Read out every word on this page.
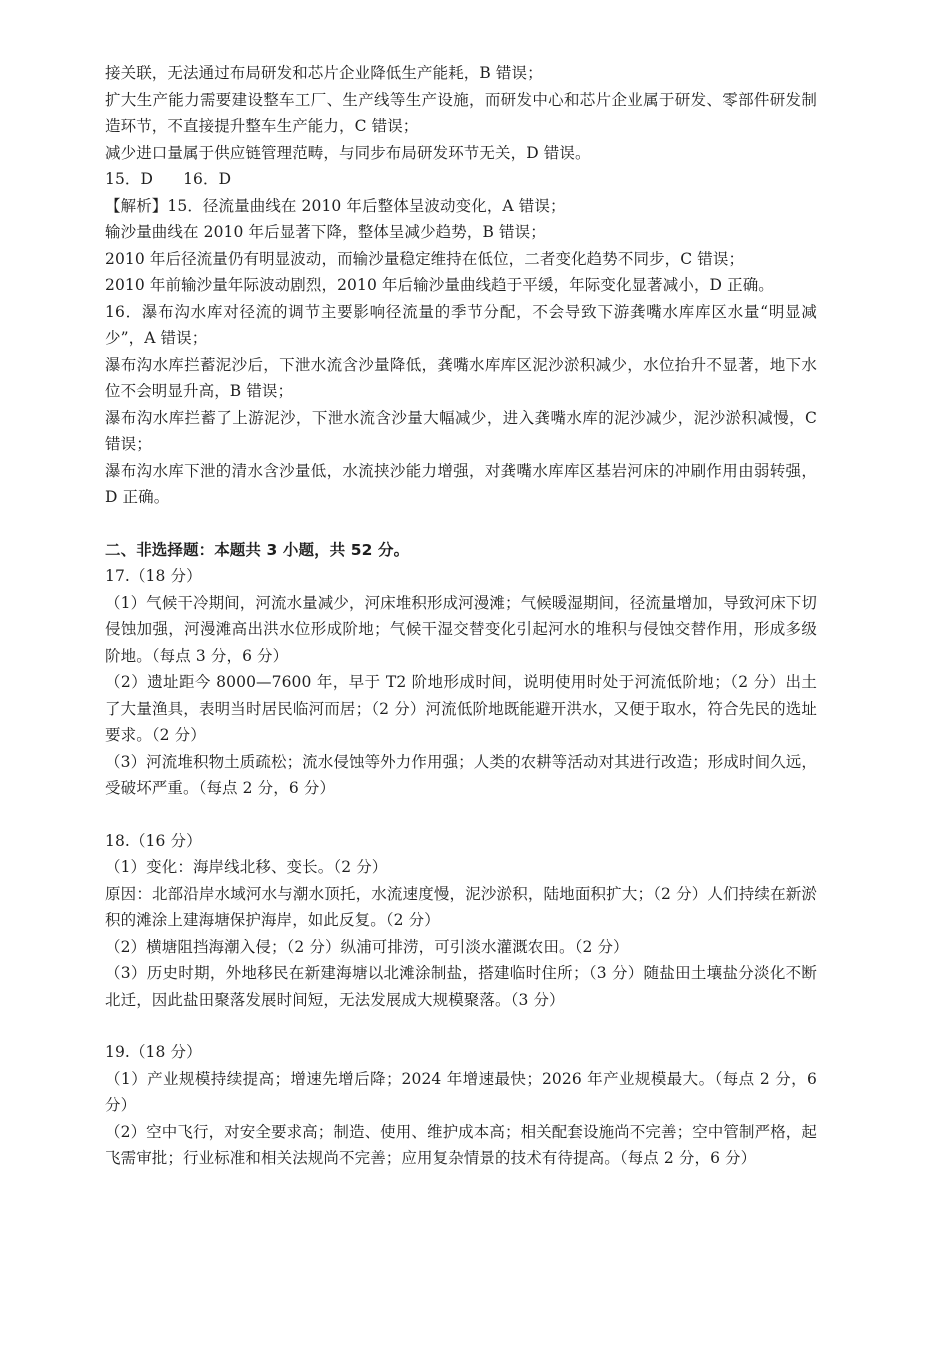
接关联，无法通过布局研发和芯片企业降低生产能耗，B 错误；

扩大生产能力需要建设整车工厂、生产线等生产设施，而研发中心和芯片企业属于研发、零部件研发制造环节，不直接提升整车生产能力，C 错误；

减少进口量属于供应链管理范畴，与同步布局研发环节无关，D 错误。

15．D 16．D

【解析】15．径流量曲线在 2010 年后整体呈波动变化，A 错误；

输沙量曲线在 2010 年后显著下降，整体呈减少趋势，B 错误；

2010 年后径流量仍有明显波动，而输沙量稳定维持在低位，二者变化趋势不同步，C 错误；

2010 年前输沙量年际波动剧烈，2010 年后输沙量曲线趋于平缓，年际变化显著减小，D 正确。

16．瀑布沟水库对径流的调节主要影响径流量的季节分配，不会导致下游龚嘴水库库区水量“明显减少”，A 错误；

瀑布沟水库拦蓄泥沙后，下泄水流含沙量降低，龚嘴水库库区泥沙淤积减少，水位抬升不显著，地下水位不会明显升高，B 错误；

瀑布沟水库拦蓄了上游泥沙，下泄水流含沙量大幅减少，进入龚嘴水库的泥沙减少，泥沙淤积减慢，C 错误；

瀑布沟水库下泄的清水含沙量低，水流挟沙能力增强，对龚嘴水库库区基岩河床的冲刷作用由弱转强，D 正确。

二、非选择题：本题共 3 小题，共 52 分。

17.（18 分）

（1）气候干冷期间，河流水量减少，河床堆积形成河漫滩；气候暖湿期间，径流量增加，导致河床下切侵蚀加强，河漫滩高出洪水位形成阶地；气候干湿交替变化引起河水的堆积与侵蚀交替作用，形成多级阶地。（每点 3 分，6 分）

（2）遗址距今 8000—7600 年，早于 T2 阶地形成时间，说明使用时处于河流低阶地；（2 分）出土了大量渔具，表明当时居民临河而居；（2 分）河流低阶地既能避开洪水，又便于取水，符合先民的选址要求。（2 分）

（3）河流堆积物土质疏松；流水侵蚀等外力作用强；人类的农耕等活动对其进行改造；形成时间久远，受破坏严重。（每点 2 分，6 分）

18.（16 分）

（1）变化：海岸线北移、变长。（2 分）

原因：北部沿岸水域河水与潮水顶托，水流速度慢，泥沙淤积，陆地面积扩大；（2 分）人们持续在新淤积的滩涂上建海塘保护海岸，如此反复。（2 分）

（2）横塘阻挡海潮入侵；（2 分）纵浦可排涝，可引淡水灌溉农田。（2 分）

（3）历史时期，外地移民在新建海塘以北滩涂制盐，搭建临时住所；（3 分）随盐田土壤盐分淡化不断北迁，因此盐田聚落发展时间短，无法发展成大规模聚落。（3 分）

19.（18 分）

（1）产业规模持续提高；增速先增后降；2024 年增速最快；2026 年产业规模最大。（每点 2 分，6 分）

（2）空中飞行，对安全要求高；制造、使用、维护成本高；相关配套设施尚不完善；空中管制严格，起飞需审批；行业标准和相关法规尚不完善；应用复杂情景的技术有待提高。（每点 2 分，6 分）
